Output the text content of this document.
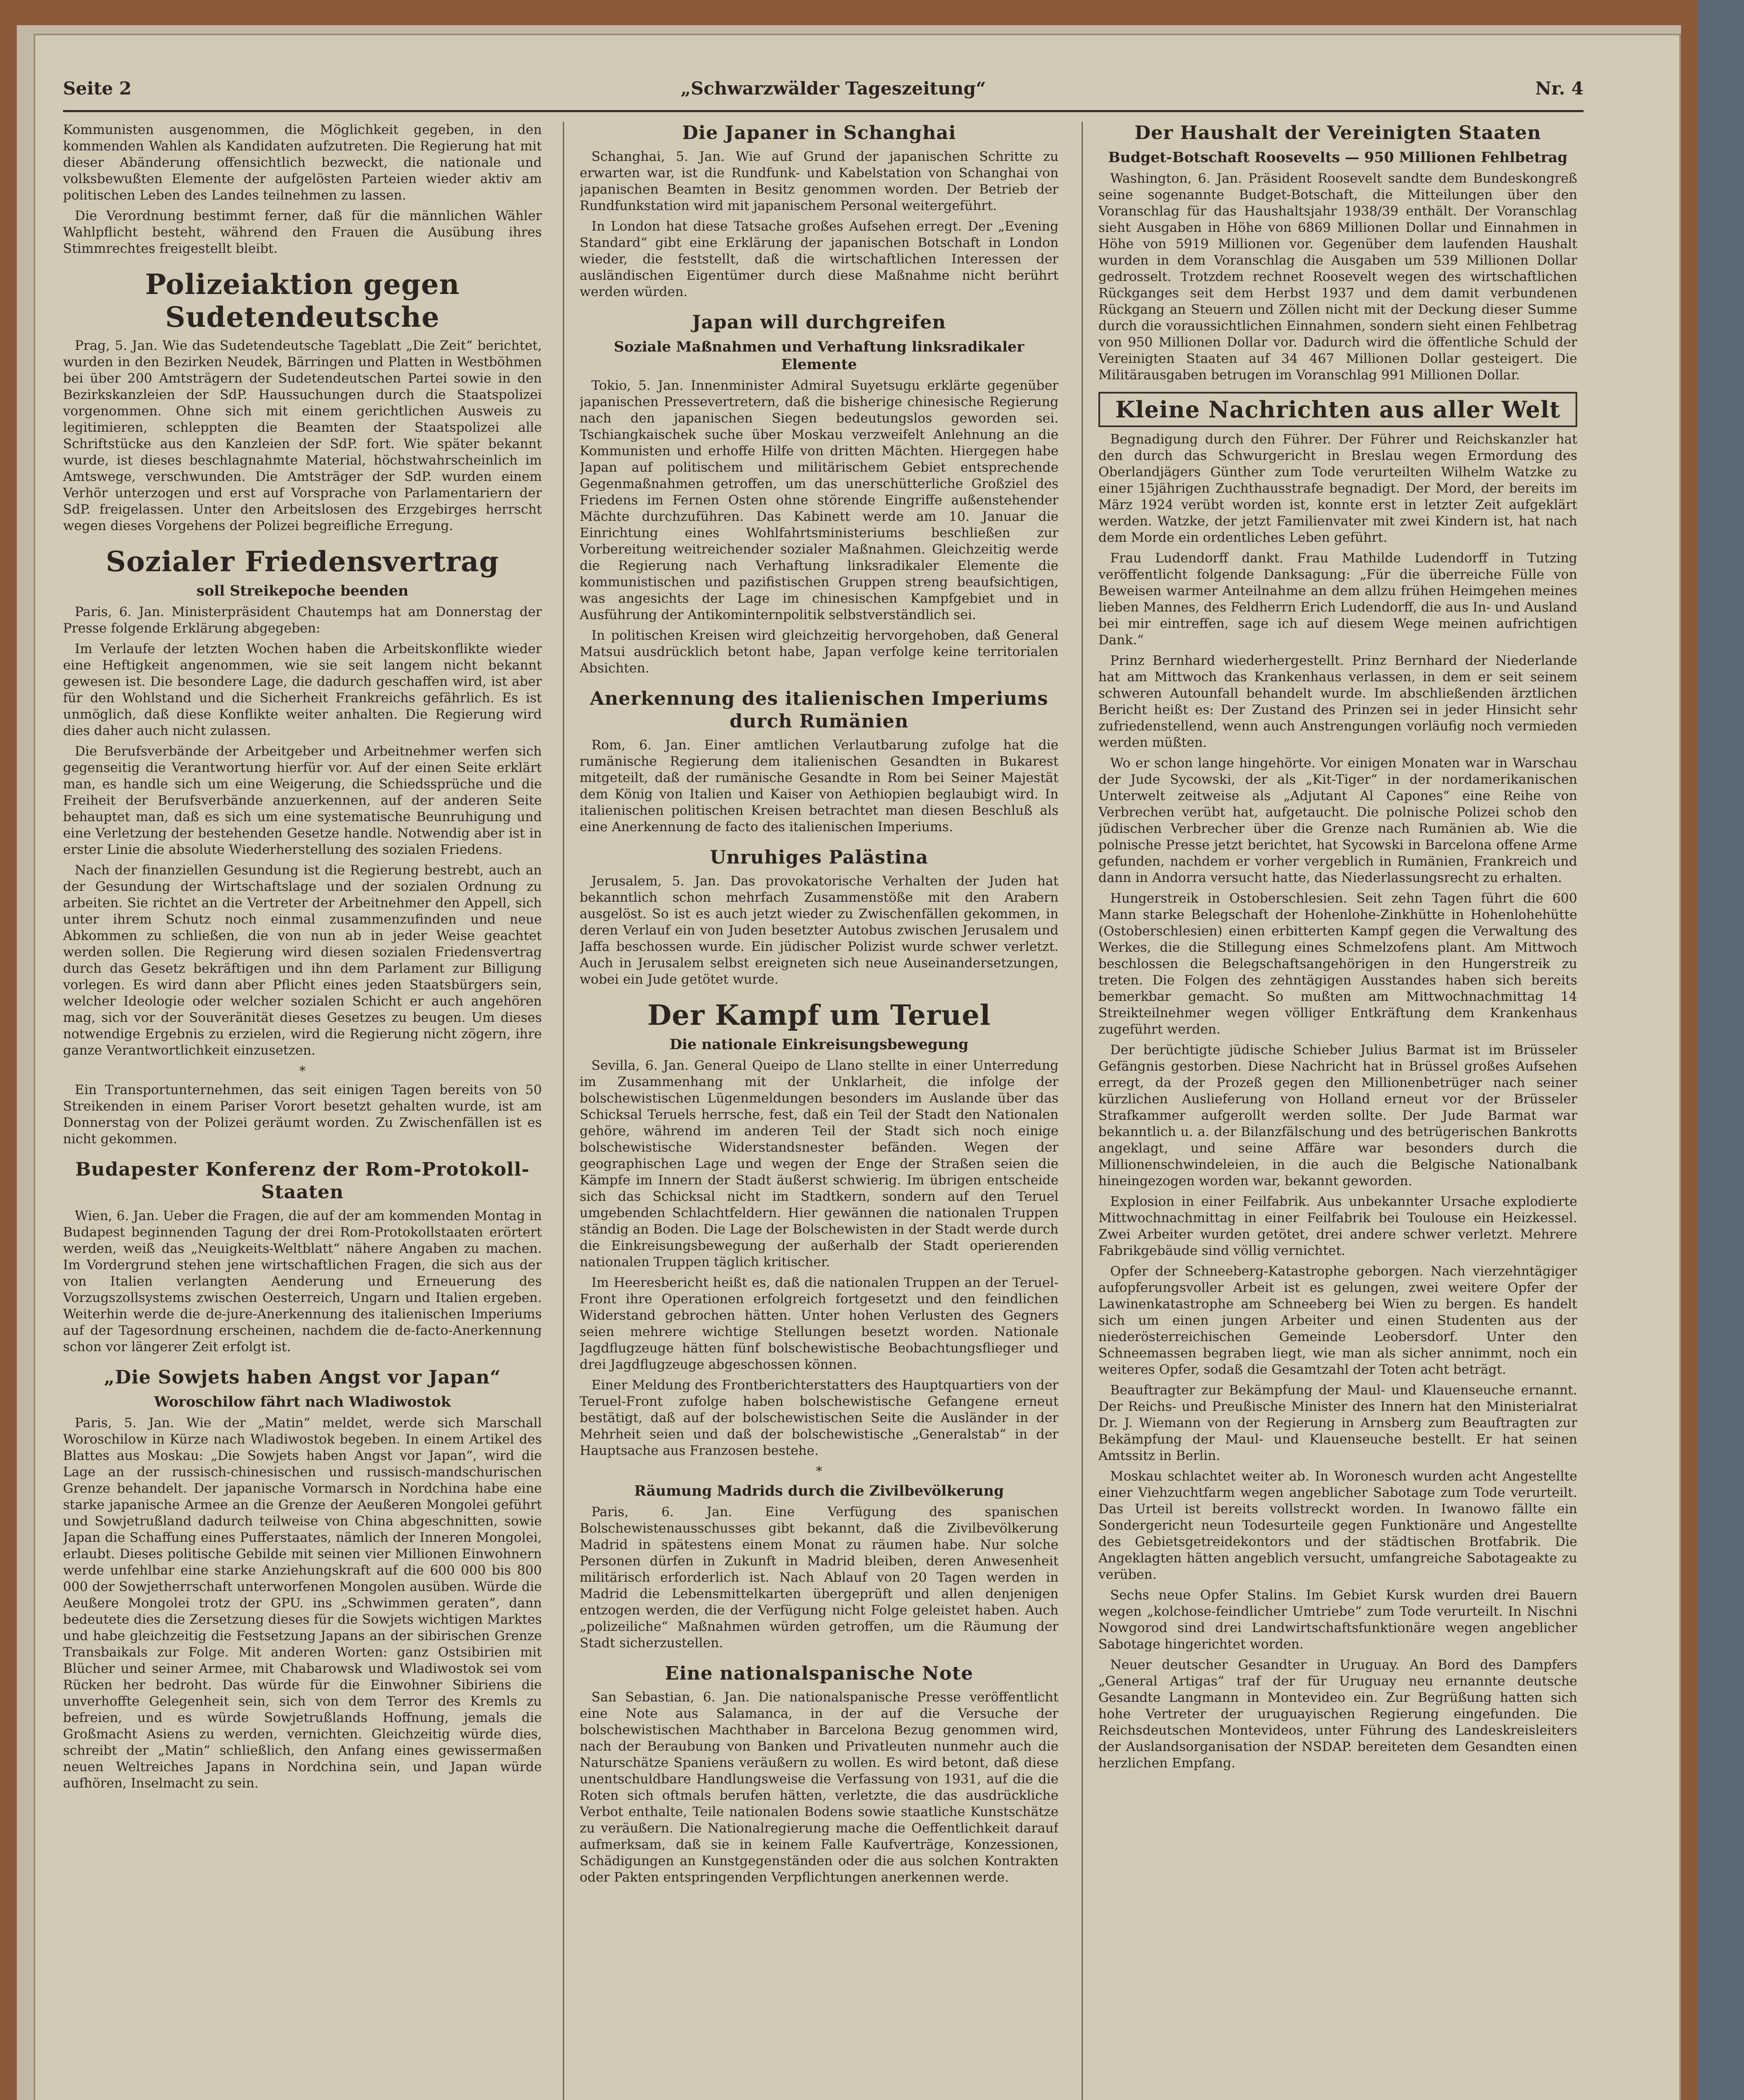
Seite 2	„Schwarzwälder Tageszeitung“	Nr. 4

Kommunisten ausgenommen, die Möglichkeit gegeben, in den kommenden Wahlen als Kandidaten aufzutreten. Die Regierung hat mit dieser Abänderung offensichtlich bezweckt, die nationale und volksbewußten Elemente der aufgelösten Parteien wieder aktiv am politischen Leben des Landes teilnehmen zu lassen.

Die Verordnung bestimmt ferner, daß für die männlichen Wähler Wahlpflicht besteht, während den Frauen die Ausübung ihres Stimmrechtes freigestellt bleibt.

Polizeiaktion gegen Sudetendeutsche

Prag, 5. Jan. Wie das Sudetendeutsche Tageblatt „Die Zeit“ berichtet, wurden in den Bezirken Neudek, Bärringen und Platten in Westböhmen bei über 200 Amtsträgern der Sudetendeutschen Partei sowie in den Bezirkskanzleien der SdP. Haussuchungen durch die Staatspolizei vorgenommen. Ohne sich mit einem gerichtlichen Ausweis zu legitimieren, schleppten die Beamten der Staatspolizei alle Schriftstücke aus den Kanzleien der SdP. fort. Wie später bekannt wurde, ist dieses beschlagnahmte Material, höchstwahrscheinlich im Amtswege, verschwunden. Die Amtsträger der SdP. wurden einem Verhör unterzogen und erst auf Vorsprache von Parlamentariern der SdP. freigelassen. Unter den Arbeitslosen des Erzgebirges herrscht wegen dieses Vorgehens der Polizei begreifliche Erregung.

Sozialer Friedensvertrag
soll Streikepoche beenden

Paris, 6. Jan. Ministerpräsident Chautemps hat am Donnerstag der Presse folgende Erklärung abgegeben:

Im Verlaufe der letzten Wochen haben die Arbeitskonflikte wieder eine Heftigkeit angenommen, wie sie seit langem nicht bekannt gewesen ist. Die besondere Lage, die dadurch geschaffen wird, ist aber für den Wohlstand und die Sicherheit Frankreichs gefährlich. Es ist unmöglich, daß diese Konflikte weiter anhalten. Die Regierung wird dies daher auch nicht zulassen.

Die Berufsverbände der Arbeitgeber und Arbeitnehmer werfen sich gegenseitig die Verantwortung hierfür vor. Auf der einen Seite erklärt man, es handle sich um eine Weigerung, die Schiedssprüche und die Freiheit der Berufsverbände anzuerkennen, auf der anderen Seite behauptet man, daß es sich um eine systematische Beunruhigung und eine Verletzung der bestehenden Gesetze handle. Notwendig aber ist in erster Linie die absolute Wiederherstellung des sozialen Friedens.

Nach der finanziellen Gesundung ist die Regierung bestrebt, auch an der Gesundung der Wirtschaftslage und der sozialen Ordnung zu arbeiten. Sie richtet an die Vertreter der Arbeitnehmer den Appell, sich unter ihrem Schutz noch einmal zusammenzufinden und neue Abkommen zu schließen, die von nun ab in jeder Weise geachtet werden sollen. Die Regierung wird diesen sozialen Friedensvertrag durch das Gesetz bekräftigen und ihn dem Parlament zur Billigung vorlegen. Es wird dann aber Pflicht eines jeden Staatsbürgers sein, welcher Ideologie oder welcher sozialen Schicht er auch angehören mag, sich vor der Souveränität dieses Gesetzes zu beugen. Um dieses notwendige Ergebnis zu erzielen, wird die Regierung nicht zögern, ihre ganze Verantwortlichkeit einzusetzen.

*

Ein Transportunternehmen, das seit einigen Tagen bereits von 50 Streikenden in einem Pariser Vorort besetzt gehalten wurde, ist am Donnerstag von der Polizei geräumt worden. Zu Zwischenfällen ist es nicht gekommen.

Budapester Konferenz der Rom-Protokoll-Staaten

Wien, 6. Jan. Ueber die Fragen, die auf der am kommenden Montag in Budapest beginnenden Tagung der drei Rom-Protokollstaaten erörtert werden, weiß das „Neuigkeits-Weltblatt“ nähere Angaben zu machen. Im Vordergrund stehen jene wirtschaftlichen Fragen, die sich aus der von Italien verlangten Aenderung und Erneuerung des Vorzugszollsystems zwischen Oesterreich, Ungarn und Italien ergeben. Weiterhin werde die de-jure-Anerkennung des italienischen Imperiums auf der Tagesordnung erscheinen, nachdem die de-facto-Anerkennung schon vor längerer Zeit erfolgt ist.

„Die Sowjets haben Angst vor Japan“
Woroschilow fährt nach Wladiwostok

Paris, 5. Jan. Wie der „Matin“ meldet, werde sich Marschall Woroschilow in Kürze nach Wladiwostok begeben. In einem Artikel des Blattes aus Moskau: „Die Sowjets haben Angst vor Japan“, wird die Lage an der russisch-chinesischen und russisch-mandschurischen Grenze behandelt. Der japanische Vormarsch in Nordchina habe eine starke japanische Armee an die Grenze der Aeußeren Mongolei geführt und Sowjetrußland dadurch teilweise von China abgeschnitten, sowie Japan die Schaffung eines Pufferstaates, nämlich der Inneren Mongolei, erlaubt. Dieses politische Gebilde mit seinen vier Millionen Einwohnern werde unfehlbar eine starke Anziehungskraft auf die 600 000 bis 800 000 der Sowjetherrschaft unterworfenen Mongolen ausüben. Würde die Aeußere Mongolei trotz der GPU. ins „Schwimmen geraten“, dann bedeutete dies die Zersetzung dieses für die Sowjets wichtigen Marktes und habe gleichzeitig die Festsetzung Japans an der sibirischen Grenze Transbaikals zur Folge. Mit anderen Worten: ganz Ostsibirien mit Blücher und seiner Armee, mit Chabarowsk und Wladiwostok sei vom Rücken her bedroht. Das würde für die Einwohner Sibiriens die unverhoffte Gelegenheit sein, sich von dem Terror des Kremls zu befreien, und es würde Sowjetrußlands Hoffnung, jemals die Großmacht Asiens zu werden, vernichten. Gleichzeitig würde dies, schreibt der „Matin“ schließlich, den Anfang eines gewissermaßen neuen Weltreiches Japans in Nordchina sein, und Japan würde aufhören, Inselmacht zu sein.

Die Japaner in Schanghai

Schanghai, 5. Jan. Wie auf Grund der japanischen Schritte zu erwarten war, ist die Rundfunk- und Kabelstation von Schanghai von japanischen Beamten in Besitz genommen worden. Der Betrieb der Rundfunkstation wird mit japanischem Personal weitergeführt.

In London hat diese Tatsache großes Aufsehen erregt. Der „Evening Standard“ gibt eine Erklärung der japanischen Botschaft in London wieder, die feststellt, daß die wirtschaftlichen Interessen der ausländischen Eigentümer durch diese Maßnahme nicht berührt werden würden.

Japan will durchgreifen
Soziale Maßnahmen und Verhaftung linksradikaler Elemente

Tokio, 5. Jan. Innenminister Admiral Suyetsugu erklärte gegenüber japanischen Pressevertretern, daß die bisherige chinesische Regierung nach den japanischen Siegen bedeutungslos geworden sei. Tschiangkaischek suche über Moskau verzweifelt Anlehnung an die Kommunisten und erhoffe Hilfe von dritten Mächten. Hiergegen habe Japan auf politischem und militärischem Gebiet entsprechende Gegenmaßnahmen getroffen, um das unerschütterliche Großziel des Friedens im Fernen Osten ohne störende Eingriffe außenstehender Mächte durchzuführen. Das Kabinett werde am 10. Januar die Einrichtung eines Wohlfahrtsministeriums beschließen zur Vorbereitung weitreichender sozialer Maßnahmen. Gleichzeitig werde die Regierung nach Verhaftung linksradikaler Elemente die kommunistischen und pazifistischen Gruppen streng beaufsichtigen, was angesichts der Lage im chinesischen Kampfgebiet und in Ausführung der Antikominternpolitik selbstverständlich sei.

In politischen Kreisen wird gleichzeitig hervorgehoben, daß General Matsui ausdrücklich betont habe, Japan verfolge keine territorialen Absichten.

Anerkennung des italienischen Imperiums durch Rumänien

Rom, 6. Jan. Einer amtlichen Verlautbarung zufolge hat die rumänische Regierung dem italienischen Gesandten in Bukarest mitgeteilt, daß der rumänische Gesandte in Rom bei Seiner Majestät dem König von Italien und Kaiser von Aethiopien beglaubigt wird. In italienischen politischen Kreisen betrachtet man diesen Beschluß als eine Anerkennung de facto des italienischen Imperiums.

Unruhiges Palästina

Jerusalem, 5. Jan. Das provokatorische Verhalten der Juden hat bekanntlich schon mehrfach Zusammenstöße mit den Arabern ausgelöst. So ist es auch jetzt wieder zu Zwischenfällen gekommen, in deren Verlauf ein von Juden besetzter Autobus zwischen Jerusalem und Jaffa beschossen wurde. Ein jüdischer Polizist wurde schwer verletzt. Auch in Jerusalem selbst ereigneten sich neue Auseinandersetzungen, wobei ein Jude getötet wurde.

Der Kampf um Teruel
Die nationale Einkreisungsbewegung

Sevilla, 6. Jan. General Queipo de Llano stellte in einer Unterredung im Zusammenhang mit der Unklarheit, die infolge der bolschewistischen Lügenmeldungen besonders im Auslande über das Schicksal Teruels herrsche, fest, daß ein Teil der Stadt den Nationalen gehöre, während im anderen Teil der Stadt sich noch einige bolschewistische Widerstandsnester befänden. Wegen der geographischen Lage und wegen der Enge der Straßen seien die Kämpfe im Innern der Stadt äußerst schwierig. Im übrigen entscheide sich das Schicksal nicht im Stadtkern, sondern auf den Teruel umgebenden Schlachtfeldern. Hier gewännen die nationalen Truppen ständig an Boden. Die Lage der Bolschewisten in der Stadt werde durch die Einkreisungsbewegung der außerhalb der Stadt operierenden nationalen Truppen täglich kritischer.

Im Heeresbericht heißt es, daß die nationalen Truppen an der Teruel-Front ihre Operationen erfolgreich fortgesetzt und den feindlichen Widerstand gebrochen hätten. Unter hohen Verlusten des Gegners seien mehrere wichtige Stellungen besetzt worden. Nationale Jagdflugzeuge hätten fünf bolschewistische Beobachtungsflieger und drei Jagdflugzeuge abgeschossen können.

Einer Meldung des Frontberichterstatters des Hauptquartiers von der Teruel-Front zufolge haben bolschewistische Gefangene erneut bestätigt, daß auf der bolschewistischen Seite die Ausländer in der Mehrheit seien und daß der bolschewistische „Generalstab“ in der Hauptsache aus Franzosen bestehe.

*
Räumung Madrids durch die Zivilbevölkerung

Paris, 6. Jan. Eine Verfügung des spanischen Bolschewistenausschusses gibt bekannt, daß die Zivilbevölkerung Madrid in spätestens einem Monat zu räumen habe. Nur solche Personen dürfen in Zukunft in Madrid bleiben, deren Anwesenheit militärisch erforderlich ist. Nach Ablauf von 20 Tagen werden in Madrid die Lebensmittelkarten übergeprüft und allen denjenigen entzogen werden, die der Verfügung nicht Folge geleistet haben. Auch „polizeiliche“ Maßnahmen würden getroffen, um die Räumung der Stadt sicherzustellen.

Eine nationalspanische Note

San Sebastian, 6. Jan. Die nationalspanische Presse veröffentlicht eine Note aus Salamanca, in der auf die Versuche der bolschewistischen Machthaber in Barcelona Bezug genommen wird, nach der Beraubung von Banken und Privatleuten nunmehr auch die Naturschätze Spaniens veräußern zu wollen. Es wird betont, daß diese unentschuldbare Handlungsweise die Verfassung von 1931, auf die die Roten sich oftmals berufen hätten, verletzte, die das ausdrückliche Verbot enthalte, Teile nationalen Bodens sowie staatliche Kunstschätze zu veräußern. Die Nationalregierung mache die Oeffentlichkeit darauf aufmerksam, daß sie in keinem Falle Kaufverträge, Konzessionen, Schädigungen an Kunstgegenständen oder die aus solchen Kontrakten oder Pakten entspringenden Verpflichtungen anerkennen werde.

Der Haushalt der Vereinigten Staaten
Budget-Botschaft Roosevelts — 950 Millionen Fehlbetrag

Washington, 6. Jan. Präsident Roosevelt sandte dem Bundeskongreß seine sogenannte Budget-Botschaft, die Mitteilungen über den Voranschlag für das Haushaltsjahr 1938/39 enthält. Der Voranschlag sieht Ausgaben in Höhe von 6869 Millionen Dollar und Einnahmen in Höhe von 5919 Millionen vor. Gegenüber dem laufenden Haushalt wurden in dem Voranschlag die Ausgaben um 539 Millionen Dollar gedrosselt. Trotzdem rechnet Roosevelt wegen des wirtschaftlichen Rückganges seit dem Herbst 1937 und dem damit verbundenen Rückgang an Steuern und Zöllen nicht mit der Deckung dieser Summe durch die voraussichtlichen Einnahmen, sondern sieht einen Fehlbetrag von 950 Millionen Dollar vor. Dadurch wird die öffentliche Schuld der Vereinigten Staaten auf 34 467 Millionen Dollar gesteigert. Die Militärausgaben betrugen im Voranschlag 991 Millionen Dollar.

Kleine Nachrichten aus aller Welt

Begnadigung durch den Führer. Der Führer und Reichskanzler hat den durch das Schwurgericht in Breslau wegen Ermordung des Oberlandjägers Günther zum Tode verurteilten Wilhelm Watzke zu einer 15jährigen Zuchthausstrafe begnadigt. Der Mord, der bereits im März 1924 verübt worden ist, konnte erst in letzter Zeit aufgeklärt werden. Watzke, der jetzt Familienvater mit zwei Kindern ist, hat nach dem Morde ein ordentliches Leben geführt.

Frau Ludendorff dankt. Frau Mathilde Ludendorff in Tutzing veröffentlicht folgende Danksagung: „Für die überreiche Fülle von Beweisen warmer Anteilnahme an dem allzu frühen Heimgehen meines lieben Mannes, des Feldherrn Erich Ludendorff, die aus In- und Ausland bei mir eintreffen, sage ich auf diesem Wege meinen aufrichtigen Dank.“

Prinz Bernhard wiederhergestellt. Prinz Bernhard der Niederlande hat am Mittwoch das Krankenhaus verlassen, in dem er seit seinem schweren Autounfall behandelt wurde. Im abschließenden ärztlichen Bericht heißt es: Der Zustand des Prinzen sei in jeder Hinsicht sehr zufriedenstellend, wenn auch Anstrengungen vorläufig noch vermieden werden müßten.

Wo er schon lange hingehörte. Vor einigen Monaten war in Warschau der Jude Sycowski, der als „Kit-Tiger“ in der nordamerikanischen Unterwelt zeitweise als „Adjutant Al Capones“ eine Reihe von Verbrechen verübt hat, aufgetaucht. Die polnische Polizei schob den jüdischen Verbrecher über die Grenze nach Rumänien ab. Wie die polnische Presse jetzt berichtet, hat Sycowski in Barcelona offene Arme gefunden, nachdem er vorher vergeblich in Rumänien, Frankreich und dann in Andorra versucht hatte, das Niederlassungsrecht zu erhalten.

Hungerstreik in Ostoberschlesien. Seit zehn Tagen führt die 600 Mann starke Belegschaft der Hohenlohe-Zinkhütte in Hohenlohehütte (Ostoberschlesien) einen erbitterten Kampf gegen die Verwaltung des Werkes, die die Stillegung eines Schmelzofens plant. Am Mittwoch beschlossen die Belegschaftsangehörigen in den Hungerstreik zu treten. Die Folgen des zehntägigen Ausstandes haben sich bereits bemerkbar gemacht. So mußten am Mittwochnachmittag 14 Streikteilnehmer wegen völliger Entkräftung dem Krankenhaus zugeführt werden.

Der berüchtigte jüdische Schieber Julius Barmat ist im Brüsseler Gefängnis gestorben. Diese Nachricht hat in Brüssel großes Aufsehen erregt, da der Prozeß gegen den Millionenbetrüger nach seiner kürzlichen Auslieferung von Holland erneut vor der Brüsseler Strafkammer aufgerollt werden sollte. Der Jude Barmat war bekanntlich u. a. der Bilanzfälschung und des betrügerischen Bankrotts angeklagt, und seine Affäre war besonders durch die Millionenschwindeleien, in die auch die Belgische Nationalbank hineingezogen worden war, bekannt geworden.

Explosion in einer Feilfabrik. Aus unbekannter Ursache explodierte Mittwochnachmittag in einer Feilfabrik bei Toulouse ein Heizkessel. Zwei Arbeiter wurden getötet, drei andere schwer verletzt. Mehrere Fabrikgebäude sind völlig vernichtet.

Opfer der Schneeberg-Katastrophe geborgen. Nach vierzehntägiger aufopferungsvoller Arbeit ist es gelungen, zwei weitere Opfer der Lawinenkatastrophe am Schneeberg bei Wien zu bergen. Es handelt sich um einen jungen Arbeiter und einen Studenten aus der niederösterreichischen Gemeinde Leobersdorf. Unter den Schneemassen begraben liegt, wie man als sicher annimmt, noch ein weiteres Opfer, sodaß die Gesamtzahl der Toten acht beträgt.

Beauftragter zur Bekämpfung der Maul- und Klauenseuche ernannt. Der Reichs- und Preußische Minister des Innern hat den Ministerialrat Dr. J. Wiemann von der Regierung in Arnsberg zum Beauftragten zur Bekämpfung der Maul- und Klauenseuche bestellt. Er hat seinen Amtssitz in Berlin.

Moskau schlachtet weiter ab. In Woronesch wurden acht Angestellte einer Viehzuchtfarm wegen angeblicher Sabotage zum Tode verurteilt. Das Urteil ist bereits vollstreckt worden. In Iwanowo fällte ein Sondergericht neun Todesurteile gegen Funktionäre und Angestellte des Gebietsgetreidekontors und der städtischen Brotfabrik. Die Angeklagten hätten angeblich versucht, umfangreiche Sabotageakte zu verüben.

Sechs neue Opfer Stalins. Im Gebiet Kursk wurden drei Bauern wegen „kolchose-feindlicher Umtriebe“ zum Tode verurteilt. In Nischni Nowgorod sind drei Landwirtschaftsfunktionäre wegen angeblicher Sabotage hingerichtet worden.

Neuer deutscher Gesandter in Uruguay. An Bord des Dampfers „General Artigas“ traf der für Uruguay neu ernannte deutsche Gesandte Langmann in Montevideo ein. Zur Begrüßung hatten sich hohe Vertreter der uruguayischen Regierung eingefunden. Die Reichsdeutschen Montevideos, unter Führung des Landeskreisleiters der Auslandsorganisation der NSDAP. bereiteten dem Gesandten einen herzlichen Empfang.
